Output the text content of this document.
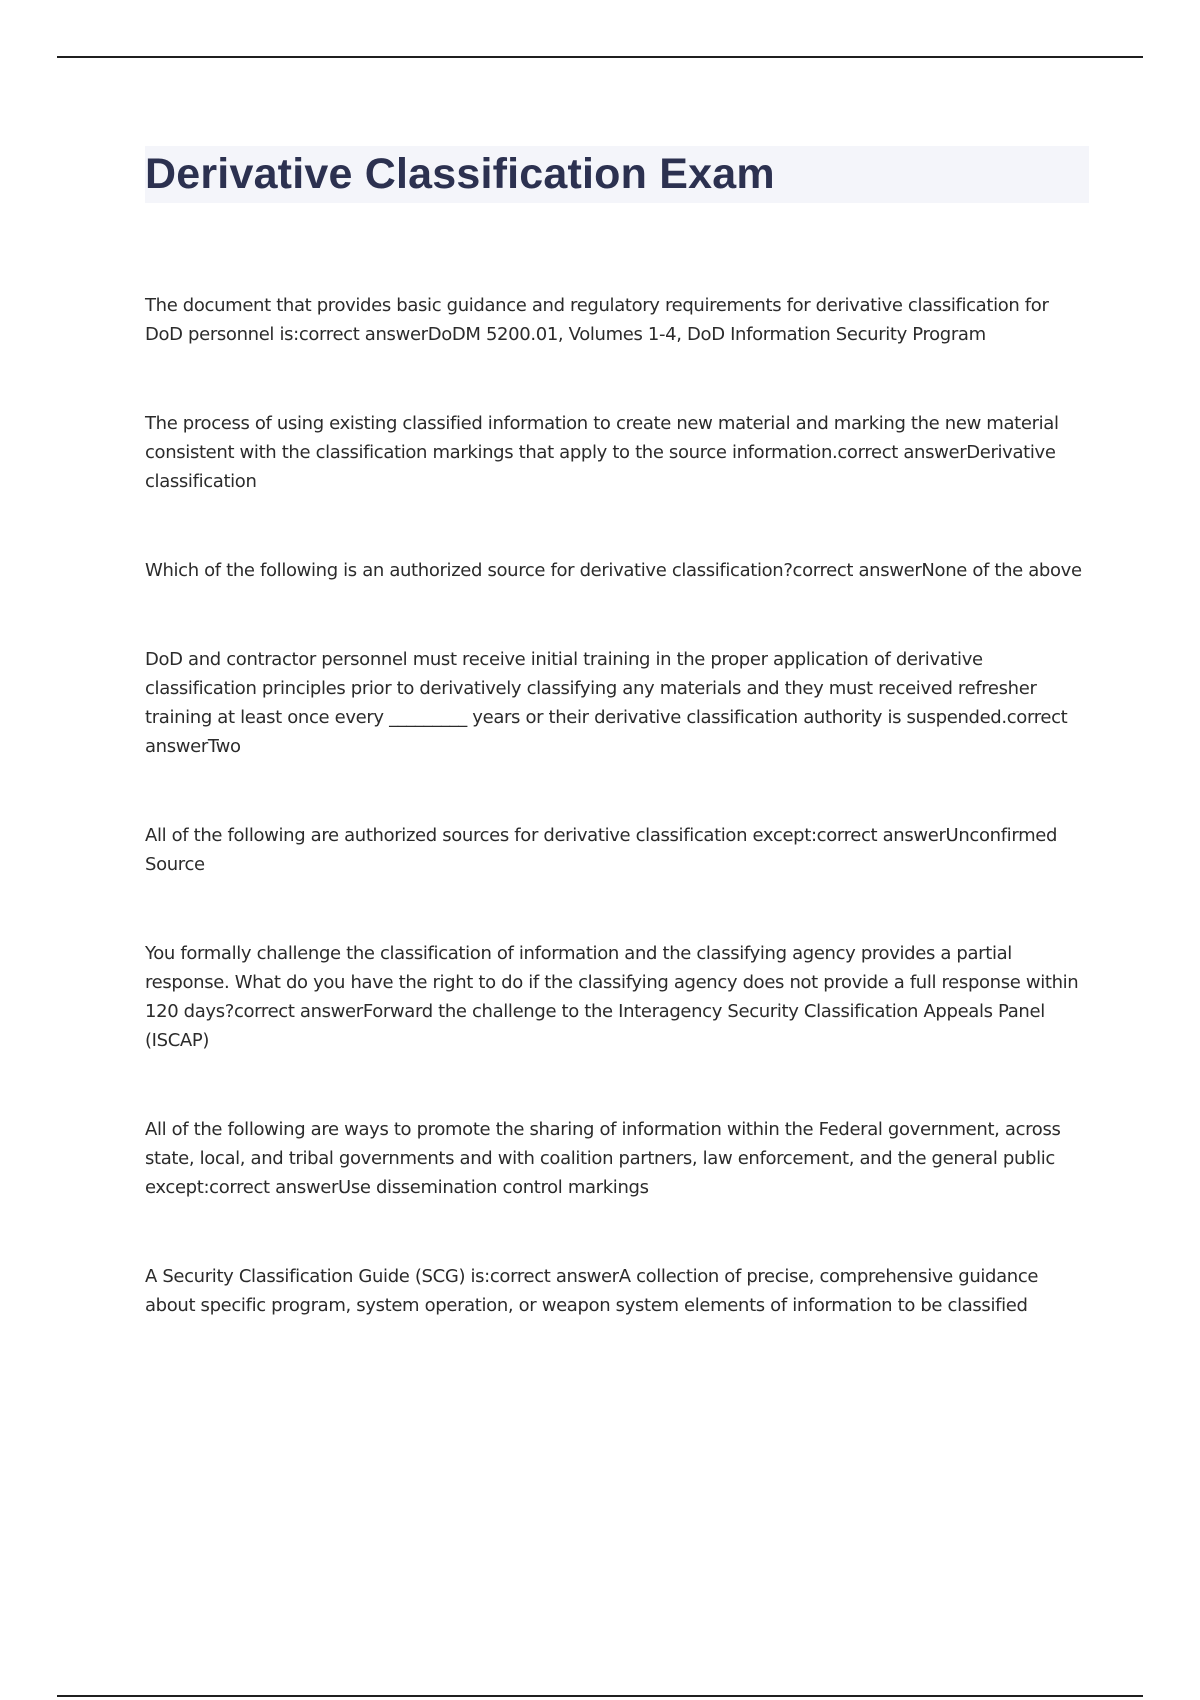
Derivative Classification Exam
The document that provides basic guidance and regulatory requirements for derivative classification for DoD personnel is:correct answerDoDM 5200.01, Volumes 1-4, DoD Information Security Program
The process of using existing classified information to create new material and marking the new material consistent with the classification markings that apply to the source information.correct answerDerivative classification
Which of the following is an authorized source for derivative classification?correct answerNone of the above
DoD and contractor personnel must receive initial training in the proper application of derivative classification principles prior to derivatively classifying any materials and they must received refresher training at least once every _________ years or their derivative classification authority is suspended.correct answerTwo
All of the following are authorized sources for derivative classification except:correct answerUnconfirmed Source
You formally challenge the classification of information and the classifying agency provides a partial response. What do you have the right to do if the classifying agency does not provide a full response within 120 days?correct answerForward the challenge to the Interagency Security Classification Appeals Panel (ISCAP)
All of the following are ways to promote the sharing of information within the Federal government, across state, local, and tribal governments and with coalition partners, law enforcement, and the general public except:correct answerUse dissemination control markings
A Security Classification Guide (SCG) is:correct answerA collection of precise, comprehensive guidance about specific program, system operation, or weapon system elements of information to be classified
